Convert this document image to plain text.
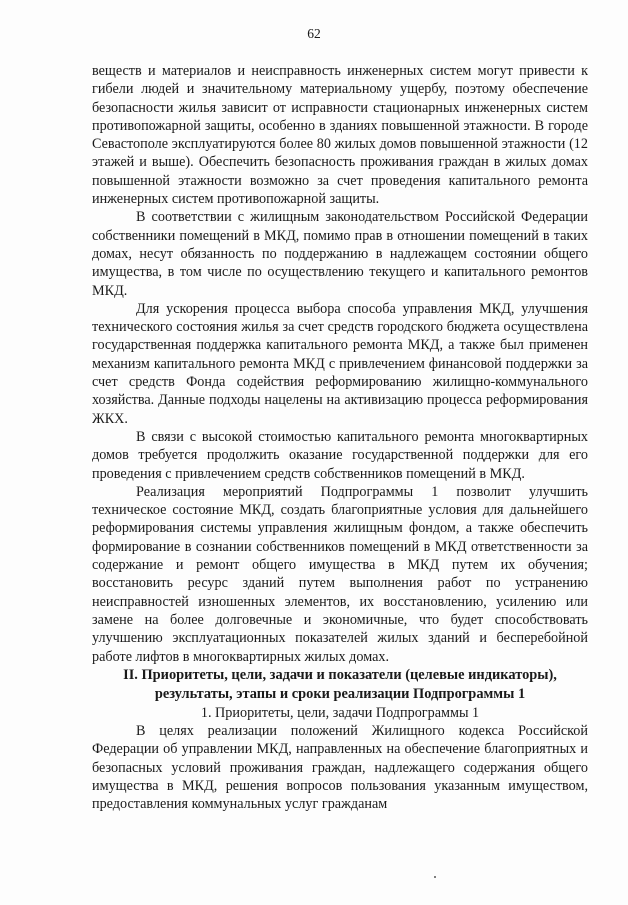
62

веществ и материалов и неисправность инженерных систем могут привести к гибели людей и значительному материальному ущербу, поэтому обеспечение безопасности жилья зависит от исправности стационарных инженерных систем противопожарной защиты, особенно в зданиях повышенной этажности. В городе Севастополе эксплуатируются более 80 жилых домов повышенной этажности (12 этажей и выше). Обеспечить безопасность проживания граждан в жилых домах повышенной этажности возможно за счет проведения капитального ремонта инженерных систем противопожарной защиты.

В соответствии с жилищным законодательством Российской Федерации собственники помещений в МКД, помимо прав в отношении помещений в таких домах, несут обязанность по поддержанию в надлежащем состоянии общего имущества, в том числе по осуществлению текущего и капитального ремонтов МКД.

Для ускорения процесса выбора способа управления МКД, улучшения технического состояния жилья за счет средств городского бюджета осуществлена государственная поддержка капитального ремонта МКД, а также был применен механизм капитального ремонта МКД с привлечением финансовой поддержки за счет средств Фонда содействия реформированию жилищно-коммунального хозяйства. Данные подходы нацелены на активизацию процесса реформирования ЖКХ.

В связи с высокой стоимостью капитального ремонта многоквартирных домов требуется продолжить оказание государственной поддержки для его проведения с привлечением средств собственников помещений в МКД.

Реализация мероприятий Подпрограммы 1 позволит улучшить техническое состояние МКД, создать благоприятные условия для дальнейшего реформирования системы управления жилищным фондом, а также обеспечить формирование в сознании собственников помещений в МКД ответственности за содержание и ремонт общего имущества в МКД путем их обучения; восстановить ресурс зданий путем выполнения работ по устранению неисправностей изношенных элементов, их восстановлению, усилению или замене на более долговечные и экономичные, что будет способствовать улучшению эксплуатационных показателей жилых зданий и бесперебойной работе лифтов в многоквартирных жилых домах.

II. Приоритеты, цели, задачи и показатели (целевые индикаторы), результаты, этапы и сроки реализации Подпрограммы 1

1. Приоритеты, цели, задачи Подпрограммы 1

В целях реализации положений Жилищного кодекса Российской Федерации об управлении МКД, направленных на обеспечение благоприятных и безопасных условий проживания граждан, надлежащего содержания общего имущества в МКД, решения вопросов пользования указанным имуществом, предоставления коммунальных услуг гражданам
